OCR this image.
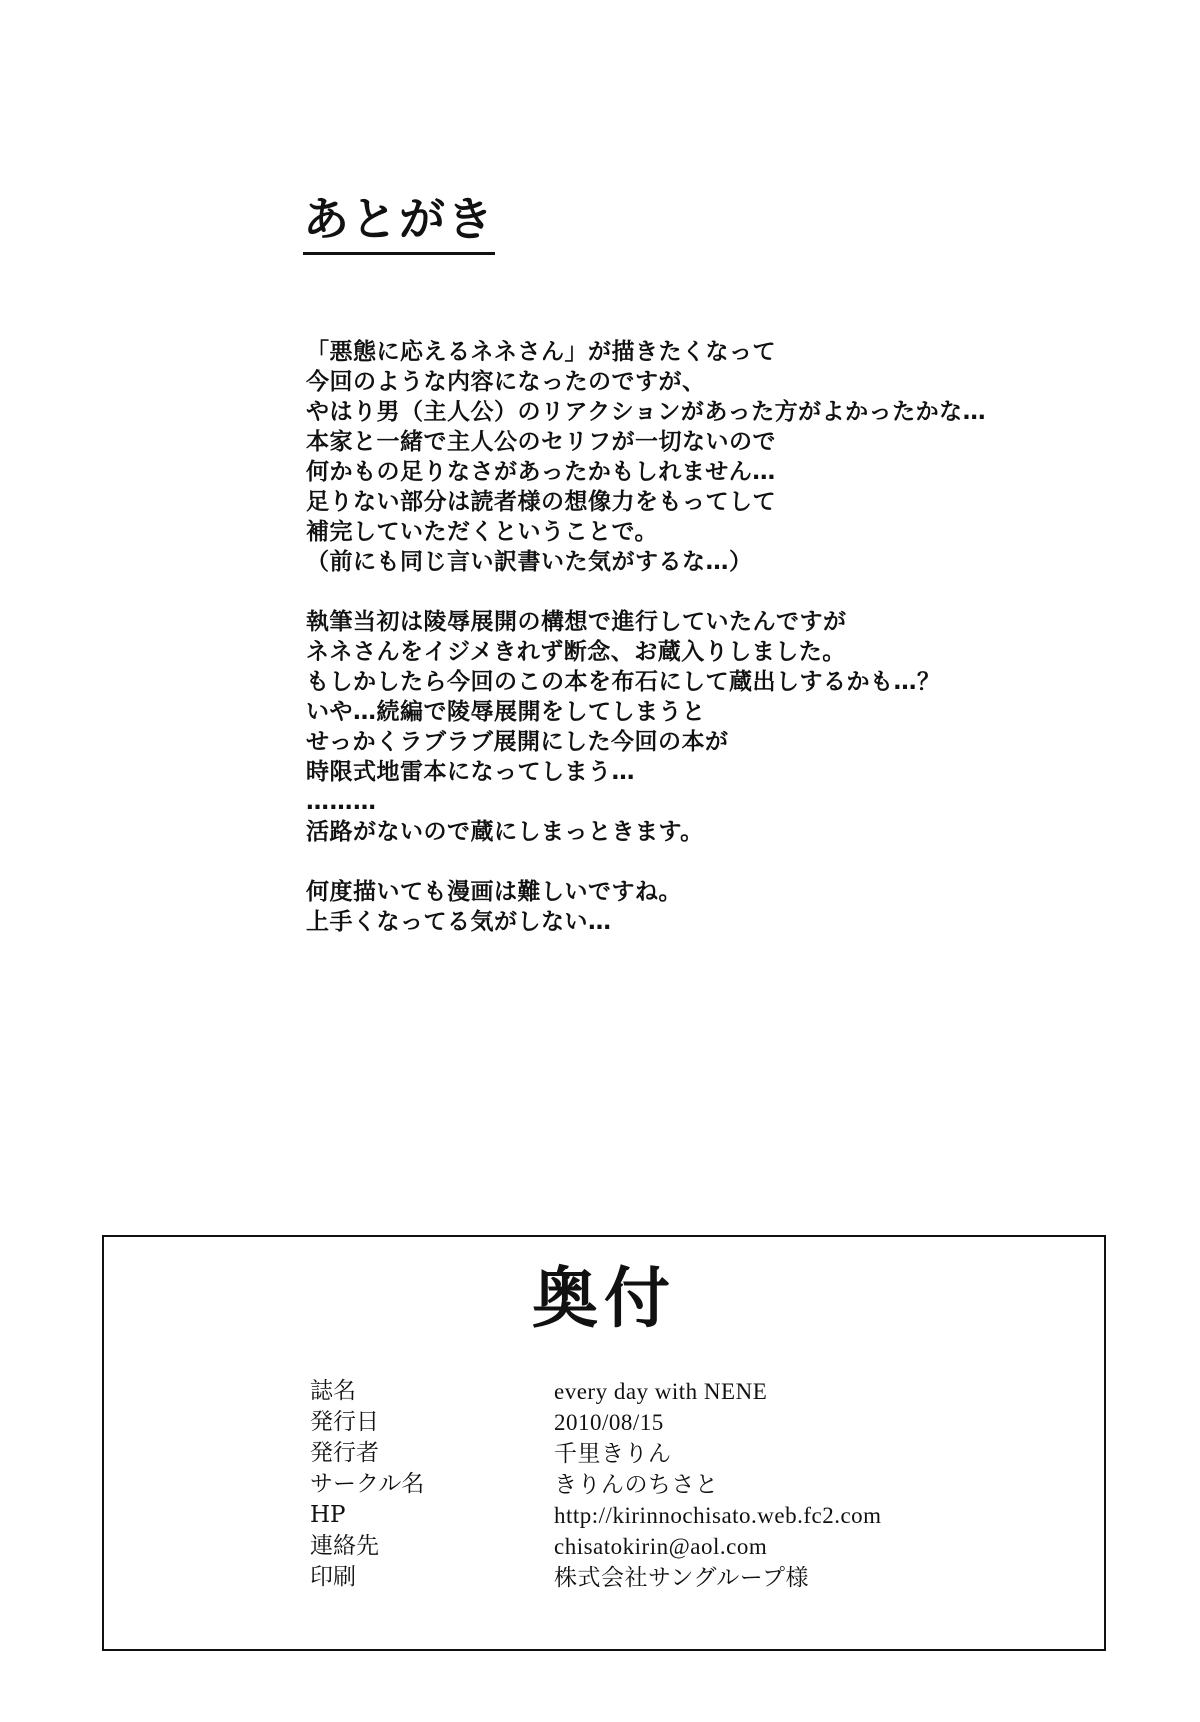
あとがき
「悪態に応えるネネさん」が描きたくなって
今回のような内容になったのですが、
やはり男（主人公）のリアクションがあった方がよかったかな…
本家と一緒で主人公のセリフが一切ないので
何かもの足りなさがあったかもしれません…
足りない部分は読者様の想像力をもってして
補完していただくということで。
（前にも同じ言い訳書いた気がするな…）
執筆当初は陵辱展開の構想で進行していたんですが
ネネさんをイジメきれず断念、お蔵入りしました。
もしかしたら今回のこの本を布石にして蔵出しするかも…？
いや…続編で陵辱展開をしてしまうと
せっかくラブラブ展開にした今回の本が
時限式地雷本になってしまう…
………
活路がないので蔵にしまっときます。
何度描いても漫画は難しいですね。
上手くなってる気がしない…
奥付
誌名	every day with NENE
発行日	2010/08/15
発行者	千里きりん
サークル名	きりんのちさと
HP	http://kirinnochisato.web.fc2.com
連絡先	chisatokirin@aol.com
印刷	株式会社サングループ様
